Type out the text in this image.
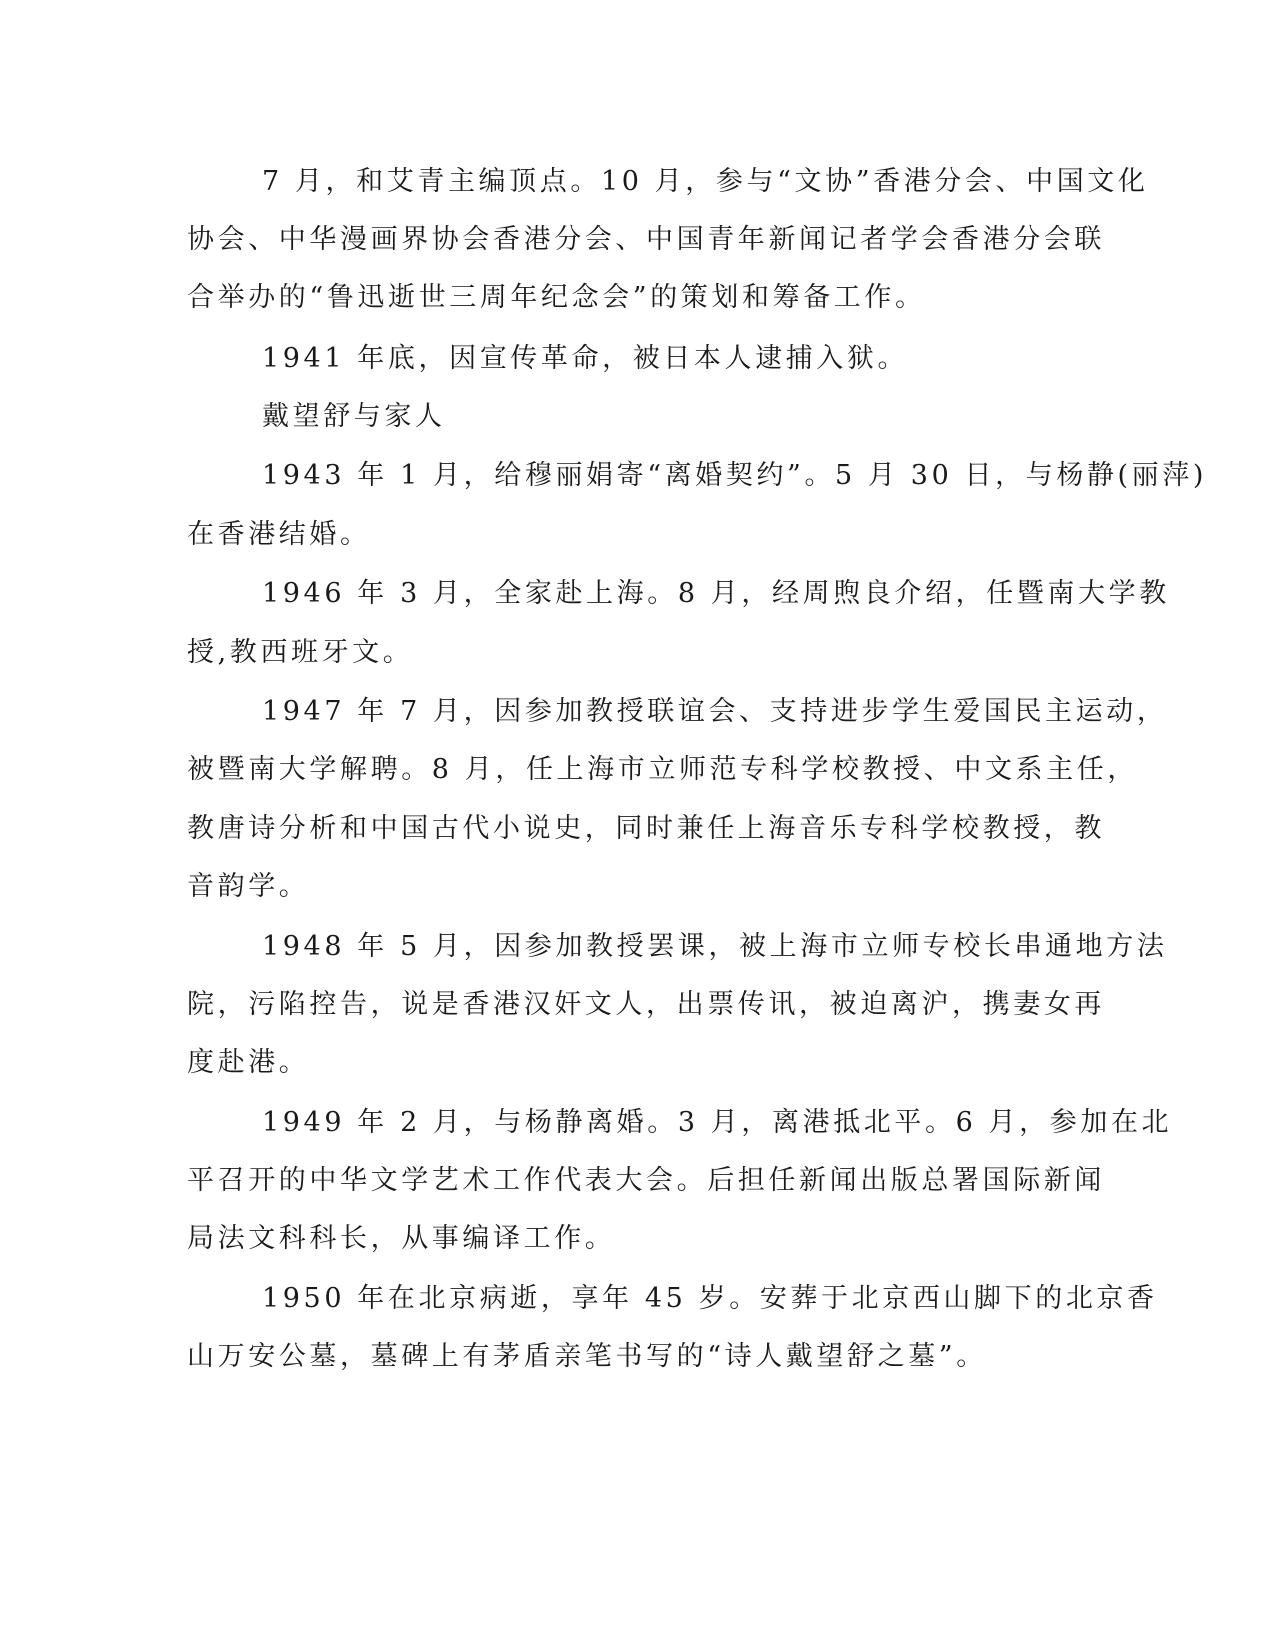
7 月，和艾青主编顶点。10 月，参与“文协”香港分会、中国文化

协会、中华漫画界协会香港分会、中国青年新闻记者学会香港分会联

合举办的“鲁迅逝世三周年纪念会”的策划和筹备工作。

1941 年底，因宣传革命，被日本人逮捕入狱。

戴望舒与家人

1943 年 1 月，给穆丽娟寄“离婚契约”。5 月 30 日，与杨静(丽萍)

在香港结婚。

1946 年 3 月，全家赴上海。8 月，经周煦良介绍，任暨南大学教

授,教西班牙文。

1947 年 7 月，因参加教授联谊会、支持进步学生爱国民主运动，

被暨南大学解聘。8 月，任上海市立师范专科学校教授、中文系主任，

教唐诗分析和中国古代小说史，同时兼任上海音乐专科学校教授，教

音韵学。

1948 年 5 月，因参加教授罢课，被上海市立师专校长串通地方法

院，污陷控告，说是香港汉奸文人，出票传讯，被迫离沪，携妻女再

度赴港。

1949 年 2 月，与杨静离婚。3 月，离港抵北平。6 月，参加在北

平召开的中华文学艺术工作代表大会。后担任新闻出版总署国际新闻

局法文科科长，从事编译工作。

1950 年在北京病逝，享年 45 岁。安葬于北京西山脚下的北京香

山万安公墓，墓碑上有茅盾亲笔书写的“诗人戴望舒之墓”。
